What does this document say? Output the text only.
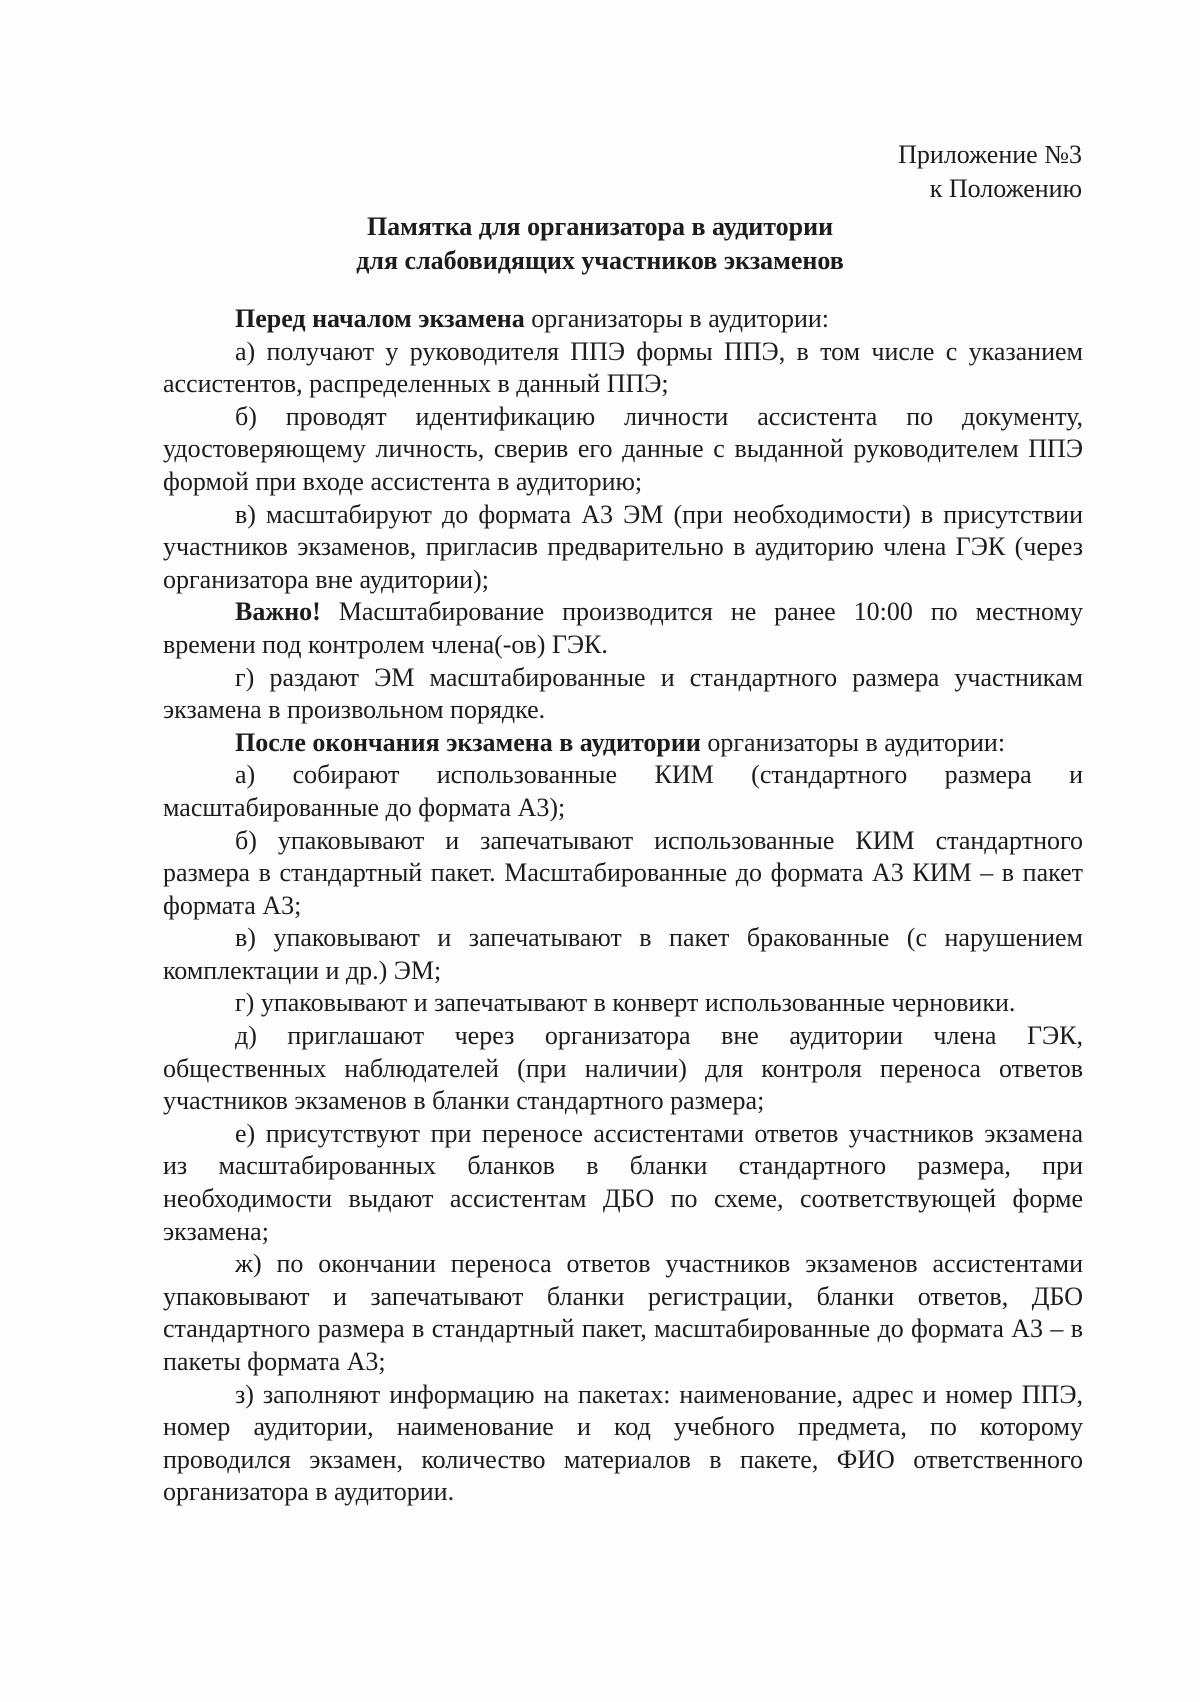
Приложение №3
к Положению
Памятка для организатора в аудитории
для слабовидящих участников экзаменов

Перед началом экзамена организаторы в аудитории:

а) получают у руководителя ППЭ формы ППЭ, в том числе с указанием ассистентов, распределенных в данный ППЭ;

б) проводят идентификацию личности ассистента по документу, удостоверяющему личность, сверив его данные с выданной руководителем ППЭ формой при входе ассистента в аудиторию;

в) масштабируют до формата А3 ЭМ (при необходимости) в присутствии участников экзаменов, пригласив предварительно в аудиторию члена ГЭК (через организатора вне аудитории);

Важно! Масштабирование производится не ранее 10:00 по местному времени под контролем члена(-ов) ГЭК.

г) раздают ЭМ масштабированные и стандартного размера участникам экзамена в произвольном порядке.

После окончания экзамена в аудитории организаторы в аудитории:

а) собирают использованные КИМ (стандартного размера и масштабированные до формата А3);

б) упаковывают и запечатывают использованные КИМ стандартного размера в стандартный пакет. Масштабированные до формата А3 КИМ – в пакет формата А3;

в) упаковывают и запечатывают в пакет бракованные (с нарушением комплектации и др.) ЭМ;

г) упаковывают и запечатывают в конверт использованные черновики.

д) приглашают через организатора вне аудитории члена ГЭК, общественных наблюдателей (при наличии) для контроля переноса ответов участников экзаменов в бланки стандартного размера;

е) присутствуют при переносе ассистентами ответов участников экзамена из масштабированных бланков в бланки стандартного размера, при необходимости выдают ассистентам ДБО по схеме, соответствующей форме экзамена;

ж) по окончании переноса ответов участников экзаменов ассистентами упаковывают и запечатывают бланки регистрации, бланки ответов, ДБО стандартного размера в стандартный пакет, масштабированные до формата А3 – в пакеты формата А3;

з) заполняют информацию на пакетах: наименование, адрес и номер ППЭ, номер аудитории, наименование и код учебного предмета, по которому проводился экзамен, количество материалов в пакете, ФИО ответственного организатора в аудитории.
